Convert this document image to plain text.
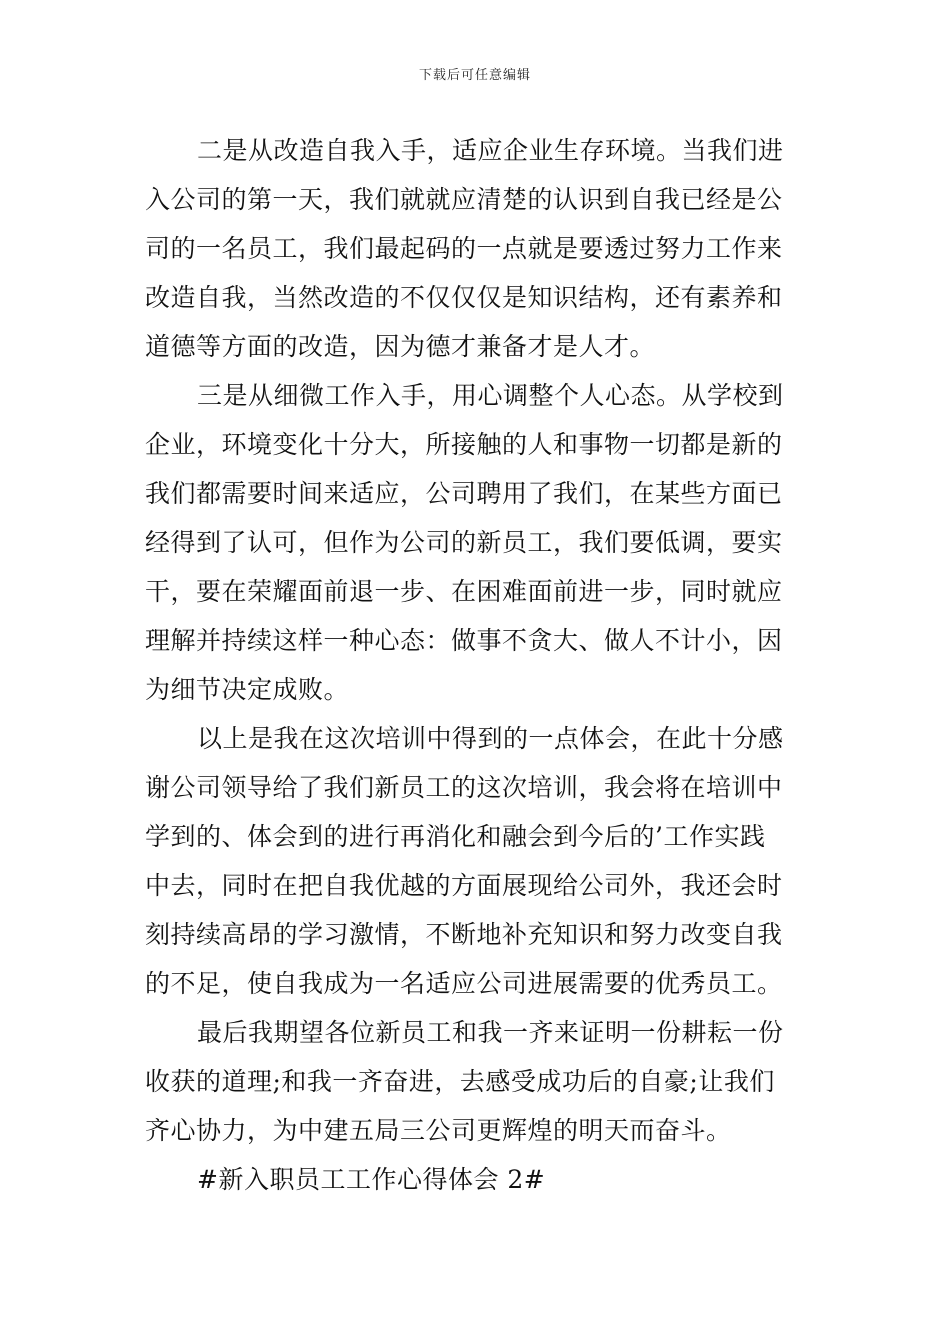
下载后可任意编辑
二是从改造自我入手，适应企业生存环境。当我们进
入公司的第一天，我们就就应清楚的认识到自我已经是公
司的一名员工，我们最起码的一点就是要透过努力工作来
改造自我，当然改造的不仅仅仅是知识结构，还有素养和
道德等方面的改造，因为德才兼备才是人才。
三是从细微工作入手，用心调整个人心态。从学校到
企业，环境变化十分大，所接触的人和事物一切都是新的
我们都需要时间来适应，公司聘用了我们，在某些方面已
经得到了认可，但作为公司的新员工，我们要低调，要实
干，要在荣耀面前退一步、在困难面前进一步，同时就应
理解并持续这样一种心态：做事不贪大、做人不计小，因
为细节决定成败。
以上是我在这次培训中得到的一点体会，在此十分感
谢公司领导给了我们新员工的这次培训，我会将在培训中
学到的、体会到的进行再消化和融会到今后的’工作实践
中去，同时在把自我优越的方面展现给公司外，我还会时
刻持续高昂的学习激情，不断地补充知识和努力改变自我
的不足，使自我成为一名适应公司进展需要的优秀员工。
最后我期望各位新员工和我一齐来证明一份耕耘一份
收获的道理;和我一齐奋进，去感受成功后的自豪;让我们
齐心协力，为中建五局三公司更辉煌的明天而奋斗。
#新入职员工工作心得体会 2#
